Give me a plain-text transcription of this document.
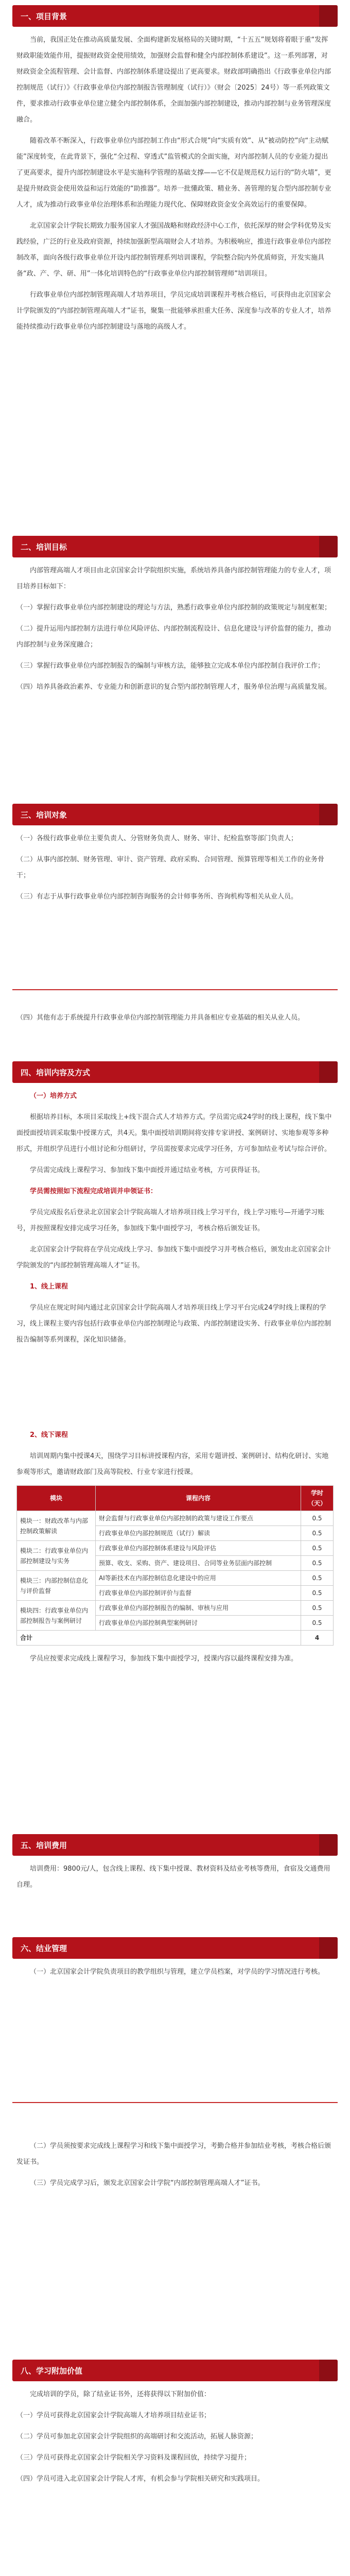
一、项目背景

当前，我国正处在推动高质量发展、全面构建新发展格局的关键时期，“十五五”规划将着眼于重“发挥财政职能效能作用，提振财政资金使用绩效，加强财会监督和健全内部控制体系建设”。这一系列部署，对财政资金全流程管理、会计监督、内部控制体系建设提出了更高要求。财政部明确指出《行政事业单位内部控制规范（试行）》《行政事业单位内部控制报告管理制度（试行）》（财会〔2025〕24号）等一系列政策文件，要求推动行政事业单位建立健全内部控制体系，全面加强内部控制建设，推动内部控制与业务管理深度融合。

随着改革不断深入，行政事业单位内部控制工作由“形式合规”向“实质有效”、从“被动防控”向“主动赋能”深度转变，在此背景下，强化“全过程、穿透式”监管模式的全面实施，对内部控制人员的专业能力提出了更高要求，提升内部控制建设水平是实施科学管理的基础支撑——它不仅是规范权力运行的“防火墙”，更是提升财政资金使用效益和运行效能的“助推器”。培养一批懂政策、精业务、善管理的复合型内部控制专业人才，成为推动行政事业单位治理体系和治理能力现代化、保障财政资金安全高效运行的重要保障。

北京国家会计学院长期致力服务国家人才强国战略和财政经济中心工作，依托深厚的财会学科优势及实践经验，广泛的行业及政府资源，持续加强新型高端财会人才培养。为积极响应，推进行政事业单位内部控制改革，面向各级行政事业单位开设内部控制管理系列培训课程，学院整合院内外优质师资，开发实施具备“政、产、学、研、用”一体化培训特色的“行政事业单位内部控制管理师”培训项目。

行政事业单位内部控制管理高端人才培养项目，学员完成培训课程并考核合格后，可获得由北京国家会计学院颁发的“内部控制管理高端人才”证书，聚集一批能够承担重大任务、深度参与改革的专业人才，培养能持续推动行政事业单位内部控制建设与落地的高级人才。

二、培训目标

内部管理高端人才项目由北京国家会计学院组织实施，系统培养具备内部控制管理能力的专业人才，项目培养目标如下：

（一）掌握行政事业单位内部控制建设的理论与方法，熟悉行政事业单位内部控制的政策规定与制度框架；

（二）提升运用内部控制方法进行单位风险评估、内部控制流程设计、信息化建设与评价监督的能力，推动内部控制与业务深度融合；

（三）掌握行政事业单位内部控制报告的编制与审核方法，能够独立完成本单位内部控制自我评价工作；

（四）培养具备政治素养、专业能力和创新意识的复合型内部控制管理人才，服务单位治理与高质量发展。

三、培训对象

（一）各级行政事业单位主要负责人、分管财务负责人、财务、审计、纪检监察等部门负责人；

（二）从事内部控制、财务管理、审计、资产管理、政府采购、合同管理、预算管理等相关工作的业务骨干；

（三）有志于从事行政事业单位内部控制咨询服务的会计师事务所、咨询机构等相关从业人员。

（四）其他有志于系统提升行政事业单位内部控制管理能力并具备相应专业基础的相关从业人员。

四、培训内容及方式

（一）培养方式

根据培养目标，本项目采取线上+线下混合式人才培养方式。学员需完成24学时的线上课程，线下集中面授面授培训采取集中授课方式，共4天。集中面授培训期间将安排专家讲授、案例研讨、实地参观等多种形式，并组织学员进行小组讨论和分组研讨，学员需按要求完成学习任务，方可参加结业考试与综合评价。

学员需完成线上课程学习、参加线下集中面授并通过结业考核，方可获得证书。

学员需按照如下流程完成培训并申领证书：

学员完成报名后登录北京国家会计学院高端人才培养项目线上学习平台，线上学习账号—开通学习账号，并按照课程安排完成学习任务，参加线下集中面授学习，考核合格后颁发证书。

北京国家会计学院将在学员完成线上学习、参加线下集中面授学习并考核合格后，颁发由北京国家会计学院颁发的“内部控制管理高端人才”证书。

1、线上课程

学员应在规定时间内通过北京国家会计学院高端人才培养项目线上学习平台完成24学时线上课程的学习，线上课程主要内容包括行政事业单位内部控制理论与政策、内部控制建设实务、行政事业单位内部控制报告编制等系列课程，深化知识储备。

2、线下课程

培训周期内集中授课4天，围绕学习目标讲授课程内容，采用专题讲授、案例研讨、结构化研讨、实地参观等形式，邀请财政部门及高等院校、行业专家进行授课。

模块	课程内容	学时（天）
模块一：财政改革与内部控制政策解读	财会监督与行政事业单位内部控制的政策与建设工作要点	0.5
	行政事业单位内部控制规范（试行）解读	0.5
模块二：行政事业单位内部控制建设与实务	行政事业单位内部控制体系建设与风险评估	0.5
	预算、收支、采购、资产、建设项目、合同等业务层面内部控制	0.5
模块三：内部控制信息化与评价监督	AI等新技术在内部控制信息化建设中的应用	0.5
	行政事业单位内部控制评价与监督	0.5
模块四：行政事业单位内部控制报告与案例研讨	行政事业单位内部控制报告的编制、审核与应用	0.5
	行政事业单位内部控制典型案例研讨	0.5
合计		4

学员应按要求完成线上课程学习，参加线下集中面授学习，授课内容以最终课程安排为准。

五、培训费用

培训费用：9800元/人，包含线上课程、线下集中授课、教材资料及结业考核等费用，食宿及交通费用自理。

六、结业管理

（一）北京国家会计学院负责项目的教学组织与管理，建立学员档案，对学员的学习情况进行考核。

（二）学员须按要求完成线上课程学习和线下集中面授学习，考勤合格并参加结业考核，考核合格后颁发证书。

（三）学员完成学习后，颁发北京国家会计学院“内部控制管理高端人才”证书。

八、学习附加价值

完成培训的学员，除了结业证书外，还将获得以下附加价值：

（一）学员可获得北京国家会计学院高端人才培养项目结业证书；

（二）学员可参加北京国家会计学院组织的高端研讨和交流活动，拓展人脉资源；

（三）学员可获得北京国家会计学院相关学习资料及课程回放，持续学习提升；

（四）学员可进入北京国家会计学院人才库，有机会参与学院相关研究和实践项目。
